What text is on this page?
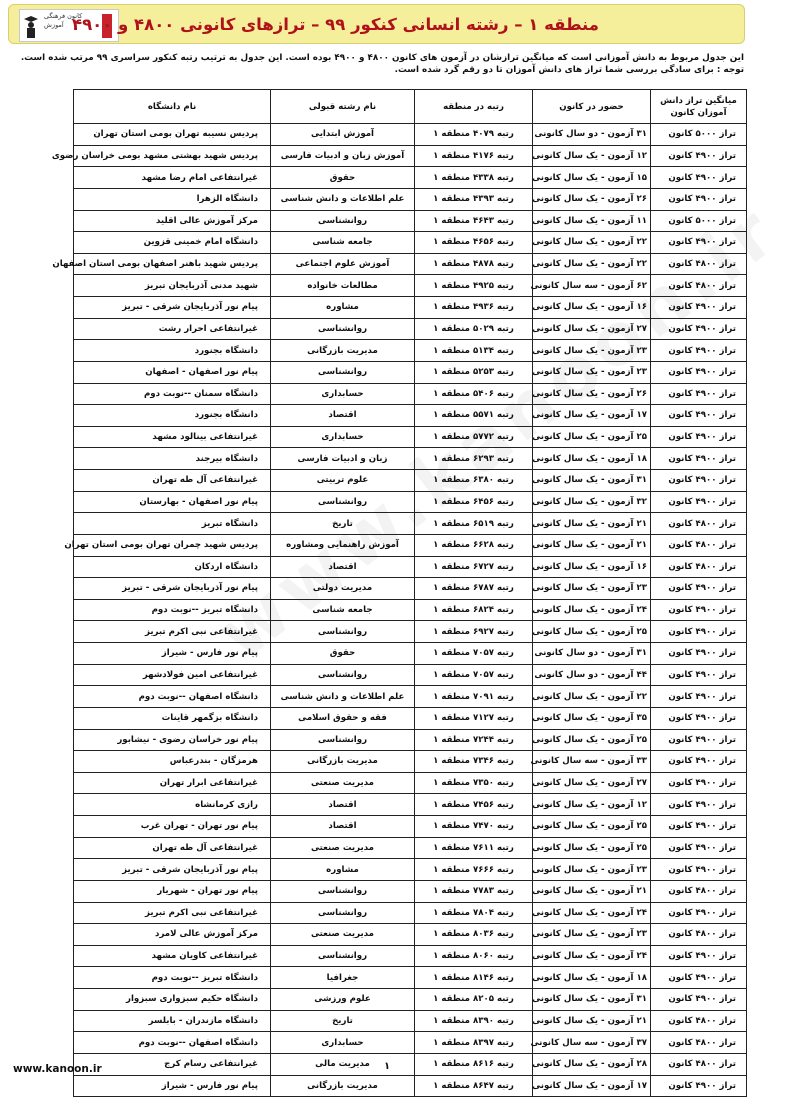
کانون فرهنگی آموزش منطقه ۱ – رشته انسانی کنکور ۹۹ – ترازهای کانونی ۴۸۰۰ و ۴۹۰۰
این جدول مربوط به دانش آموزانی است که میانگین ترازشان در آزمون های کانون ۴۸۰۰ و ۴۹۰۰ بوده است. این جدول به ترتیب رتبه کنکور سراسری ۹۹ مرتب شده است.
توجه : برای سادگی بررسی شما تراز های دانش آموزان تا دو رقم گرد شده است.
میانگین تراز دانش آموزان کانون	حضور در کانون	رتبه در منطقه	نام رشته قبولی	نام دانشگاه
تراز ۵۰۰۰ کانون	۳۱ آزمون - دو سال کانونی	رتبه ۴۰۷۹ منطقه ۱	آموزش ابتدایی	پردیس نسیبه تهران بومی استان تهران
تراز ۴۹۰۰ کانون	۱۲ آزمون - یک سال کانونی	رتبه ۴۱۷۶ منطقه ۱	آموزش زبان و ادبیات فارسی	پردیس شهید بهشتی مشهد بومی خراسان رضوی
تراز ۴۹۰۰ کانون	۱۵ آزمون - یک سال کانونی	رتبه ۴۳۳۸ منطقه ۱	حقوق	غیرانتفاعی امام رضا مشهد
تراز ۴۹۰۰ کانون	۲۶ آزمون - یک سال کانونی	رتبه ۴۳۹۳ منطقه ۱	علم اطلاعات و دانش شناسی	دانشگاه الزهرا
تراز ۵۰۰۰ کانون	۱۱ آزمون - یک سال کانونی	رتبه ۴۶۴۳ منطقه ۱	روانشناسی	مرکز آموزش عالی اقلید
تراز ۴۹۰۰ کانون	۲۲ آزمون - یک سال کانونی	رتبه ۴۶۵۶ منطقه ۱	جامعه شناسی	دانشگاه امام خمینی قزوین
تراز ۴۸۰۰ کانون	۲۲ آزمون - یک سال کانونی	رتبه ۴۸۷۸ منطقه ۱	آموزش علوم اجتماعی	پردیس شهید باهنر اصفهان بومی استان اصفهان
تراز ۴۸۰۰ کانون	۶۲ آزمون - سه سال کانونی	رتبه ۴۹۲۵ منطقه ۱	مطالعات خانواده	شهید مدنی آذربایجان تبریز
تراز ۴۹۰۰ کانون	۱۶ آزمون - یک سال کانونی	رتبه ۴۹۳۶ منطقه ۱	مشاوره	پیام نور آذربایجان شرقی - تبریز
تراز ۴۹۰۰ کانون	۲۷ آزمون - یک سال کانونی	رتبه ۵۰۲۹ منطقه ۱	روانشناسی	غیرانتفاعی احرار رشت
تراز ۴۹۰۰ کانون	۲۳ آزمون - یک سال کانونی	رتبه ۵۱۳۴ منطقه ۱	مدیریت بازرگانی	دانشگاه بجنورد
تراز ۴۹۰۰ کانون	۲۳ آزمون - یک سال کانونی	رتبه ۵۲۵۳ منطقه ۱	روانشناسی	پیام نور اصفهان - اصفهان
تراز ۴۹۰۰ کانون	۲۶ آزمون - یک سال کانونی	رتبه ۵۴۰۶ منطقه ۱	حسابداری	دانشگاه سمنان --نوبت دوم
تراز ۴۹۰۰ کانون	۱۷ آزمون - یک سال کانونی	رتبه ۵۵۷۱ منطقه ۱	اقتصاد	دانشگاه بجنورد
تراز ۴۹۰۰ کانون	۲۵ آزمون - یک سال کانونی	رتبه ۵۷۷۲ منطقه ۱	حسابداری	غیرانتفاعی بینالود مشهد
تراز ۴۹۰۰ کانون	۱۸ آزمون - یک سال کانونی	رتبه ۶۲۹۳ منطقه ۱	زبان و ادبیات فارسی	دانشگاه بیرجند
تراز ۴۹۰۰ کانون	۳۱ آزمون - یک سال کانونی	رتبه ۶۳۸۰ منطقه ۱	علوم تربیتی	غیرانتفاعی آل طه تهران
تراز ۴۹۰۰ کانون	۳۲ آزمون - یک سال کانونی	رتبه ۶۴۵۶ منطقه ۱	روانشناسی	پیام نور اصفهان - بهارستان
تراز ۴۸۰۰ کانون	۲۱ آزمون - یک سال کانونی	رتبه ۶۵۱۹ منطقه ۱	تاریخ	دانشگاه تبریز
تراز ۴۸۰۰ کانون	۲۱ آزمون - یک سال کانونی	رتبه ۶۶۲۸ منطقه ۱	آموزش راهنمایی ومشاوره	پردیس شهید چمران تهران بومی استان تهران
تراز ۴۸۰۰ کانون	۱۶ آزمون - یک سال کانونی	رتبه ۶۷۲۷ منطقه ۱	اقتصاد	دانشگاه اردکان
تراز ۴۹۰۰ کانون	۲۳ آزمون - یک سال کانونی	رتبه ۶۷۸۷ منطقه ۱	مدیریت دولتی	پیام نور آذربایجان شرقی - تبریز
تراز ۴۹۰۰ کانون	۲۴ آزمون - یک سال کانونی	رتبه ۶۸۲۴ منطقه ۱	جامعه شناسی	دانشگاه تبریز --نوبت دوم
تراز ۴۹۰۰ کانون	۲۵ آزمون - یک سال کانونی	رتبه ۶۹۲۷ منطقه ۱	روانشناسی	غیرانتفاعی نبی اکرم تبریز
تراز ۴۹۰۰ کانون	۳۱ آزمون - دو سال کانونی	رتبه ۷۰۵۷ منطقه ۱	حقوق	پیام نور فارس - شیراز
تراز ۴۹۰۰ کانون	۴۴ آزمون - دو سال کانونی	رتبه ۷۰۵۷ منطقه ۱	روانشناسی	غیرانتفاعی امین فولادشهر
تراز ۴۹۰۰ کانون	۲۲ آزمون - یک سال کانونی	رتبه ۷۰۹۱ منطقه ۱	علم اطلاعات و دانش شناسی	دانشگاه اصفهان --نوبت دوم
تراز ۴۹۰۰ کانون	۳۵ آزمون - یک سال کانونی	رتبه ۷۱۲۷ منطقه ۱	فقه و حقوق اسلامی	دانشگاه بزگمهر قاینات
تراز ۴۹۰۰ کانون	۲۵ آزمون - یک سال کانونی	رتبه ۷۲۴۴ منطقه ۱	روانشناسی	پیام نور خراسان رضوی - نیشابور
تراز ۴۹۰۰ کانون	۳۳ آزمون - سه سال کانونی	رتبه ۷۳۴۶ منطقه ۱	مدیریت بازرگانی	هرمزگان - بندرعباس
تراز ۴۹۰۰ کانون	۲۷ آزمون - یک سال کانونی	رتبه ۷۳۵۰ منطقه ۱	مدیریت صنعتی	غیرانتفاعی ابرار تهران
تراز ۴۹۰۰ کانون	۱۲ آزمون - یک سال کانونی	رتبه ۷۴۵۶ منطقه ۱	اقتصاد	رازی کرمانشاه
تراز ۴۹۰۰ کانون	۲۵ آزمون - یک سال کانونی	رتبه ۷۴۷۰ منطقه ۱	اقتصاد	پیام نور تهران - تهران غرب
تراز ۴۹۰۰ کانون	۲۵ آزمون - یک سال کانونی	رتبه ۷۶۱۱ منطقه ۱	مدیریت صنعتی	غیرانتفاعی آل طه تهران
تراز ۴۹۰۰ کانون	۲۳ آزمون - یک سال کانونی	رتبه ۷۶۶۶ منطقه ۱	مشاوره	پیام نور آذربایجان شرقی - تبریز
تراز ۴۸۰۰ کانون	۲۱ آزمون - یک سال کانونی	رتبه ۷۷۸۳ منطقه ۱	روانشناسی	پیام نور تهران - شهریار
تراز ۴۹۰۰ کانون	۲۴ آزمون - یک سال کانونی	رتبه ۷۸۰۴ منطقه ۱	روانشناسی	غیرانتفاعی نبی اکرم تبریز
تراز ۴۸۰۰ کانون	۲۳ آزمون - یک سال کانونی	رتبه ۸۰۳۶ منطقه ۱	مدیریت صنعتی	مرکز آموزش عالی لامرد
تراز ۴۹۰۰ کانون	۲۴ آزمون - یک سال کانونی	رتبه ۸۰۶۰ منطقه ۱	روانشناسی	غیرانتفاعی کاویان مشهد
تراز ۴۹۰۰ کانون	۱۸ آزمون - یک سال کانونی	رتبه ۸۱۴۶ منطقه ۱	جغرافیا	دانشگاه تبریز --نوبت دوم
تراز ۴۹۰۰ کانون	۳۱ آزمون - یک سال کانونی	رتبه ۸۲۰۵ منطقه ۱	علوم ورزشی	دانشگاه حکیم سبزواری سبزوار
تراز ۴۸۰۰ کانون	۲۱ آزمون - یک سال کانونی	رتبه ۸۳۹۰ منطقه ۱	تاریخ	دانشگاه مازندران - بابلسر
تراز ۴۸۰۰ کانون	۳۷ آزمون - سه سال کانونی	رتبه ۸۳۹۷ منطقه ۱	حسابداری	دانشگاه اصفهان --نوبت دوم
تراز ۴۸۰۰ کانون	۲۸ آزمون - یک سال کانونی	رتبه ۸۶۱۶ منطقه ۱	مدیریت مالی	غیرانتفاعی رسام کرج
تراز ۴۹۰۰ کانون	۱۷ آزمون - یک سال کانونی	رتبه ۸۶۴۷ منطقه ۱	مدیریت بازرگانی	پیام نور فارس - شیراز
www.kanoon.ir	۱
